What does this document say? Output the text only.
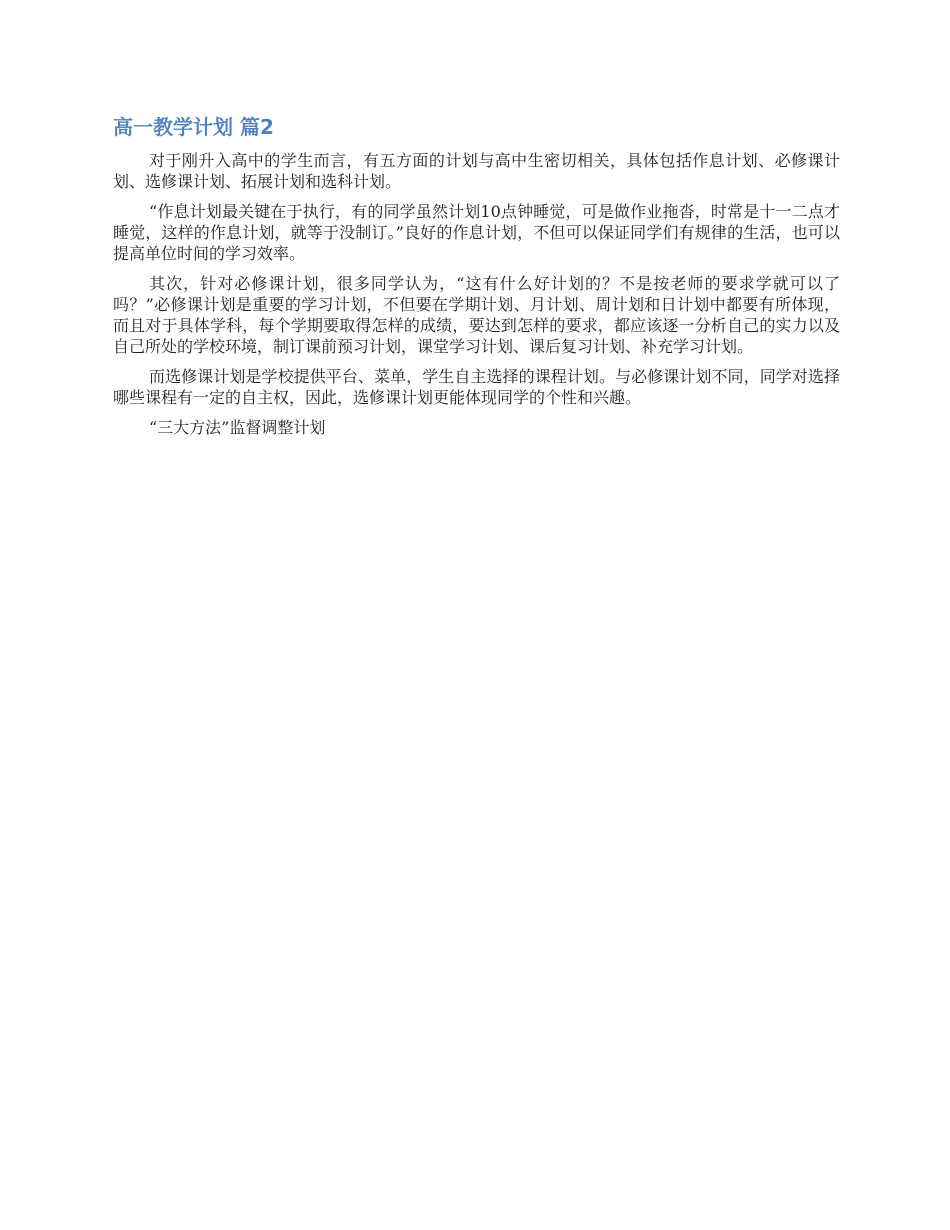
高一教学计划 篇2

对于刚升入高中的学生而言，有五方面的计划与高中生密切相关，具体包括作息计划、必修课计划、选修课计划、拓展计划和选科计划。

“作息计划最关键在于执行，有的同学虽然计划10点钟睡觉，可是做作业拖沓，时常是十一二点才睡觉，这样的作息计划，就等于没制订。”良好的作息计划，不但可以保证同学们有规律的生活，也可以提高单位时间的学习效率。

其次，针对必修课计划，很多同学认为，“这有什么好计划的？不是按老师的要求学就可以了吗？”必修课计划是重要的学习计划，不但要在学期计划、月计划、周计划和日计划中都要有所体现，而且对于具体学科，每个学期要取得怎样的成绩，要达到怎样的要求，都应该逐一分析自己的实力以及自己所处的学校环境，制订课前预习计划，课堂学习计划、课后复习计划、补充学习计划。

而选修课计划是学校提供平台、菜单，学生自主选择的课程计划。与必修课计划不同，同学对选择哪些课程有一定的自主权，因此，选修课计划更能体现同学的个性和兴趣。

“三大方法”监督调整计划
